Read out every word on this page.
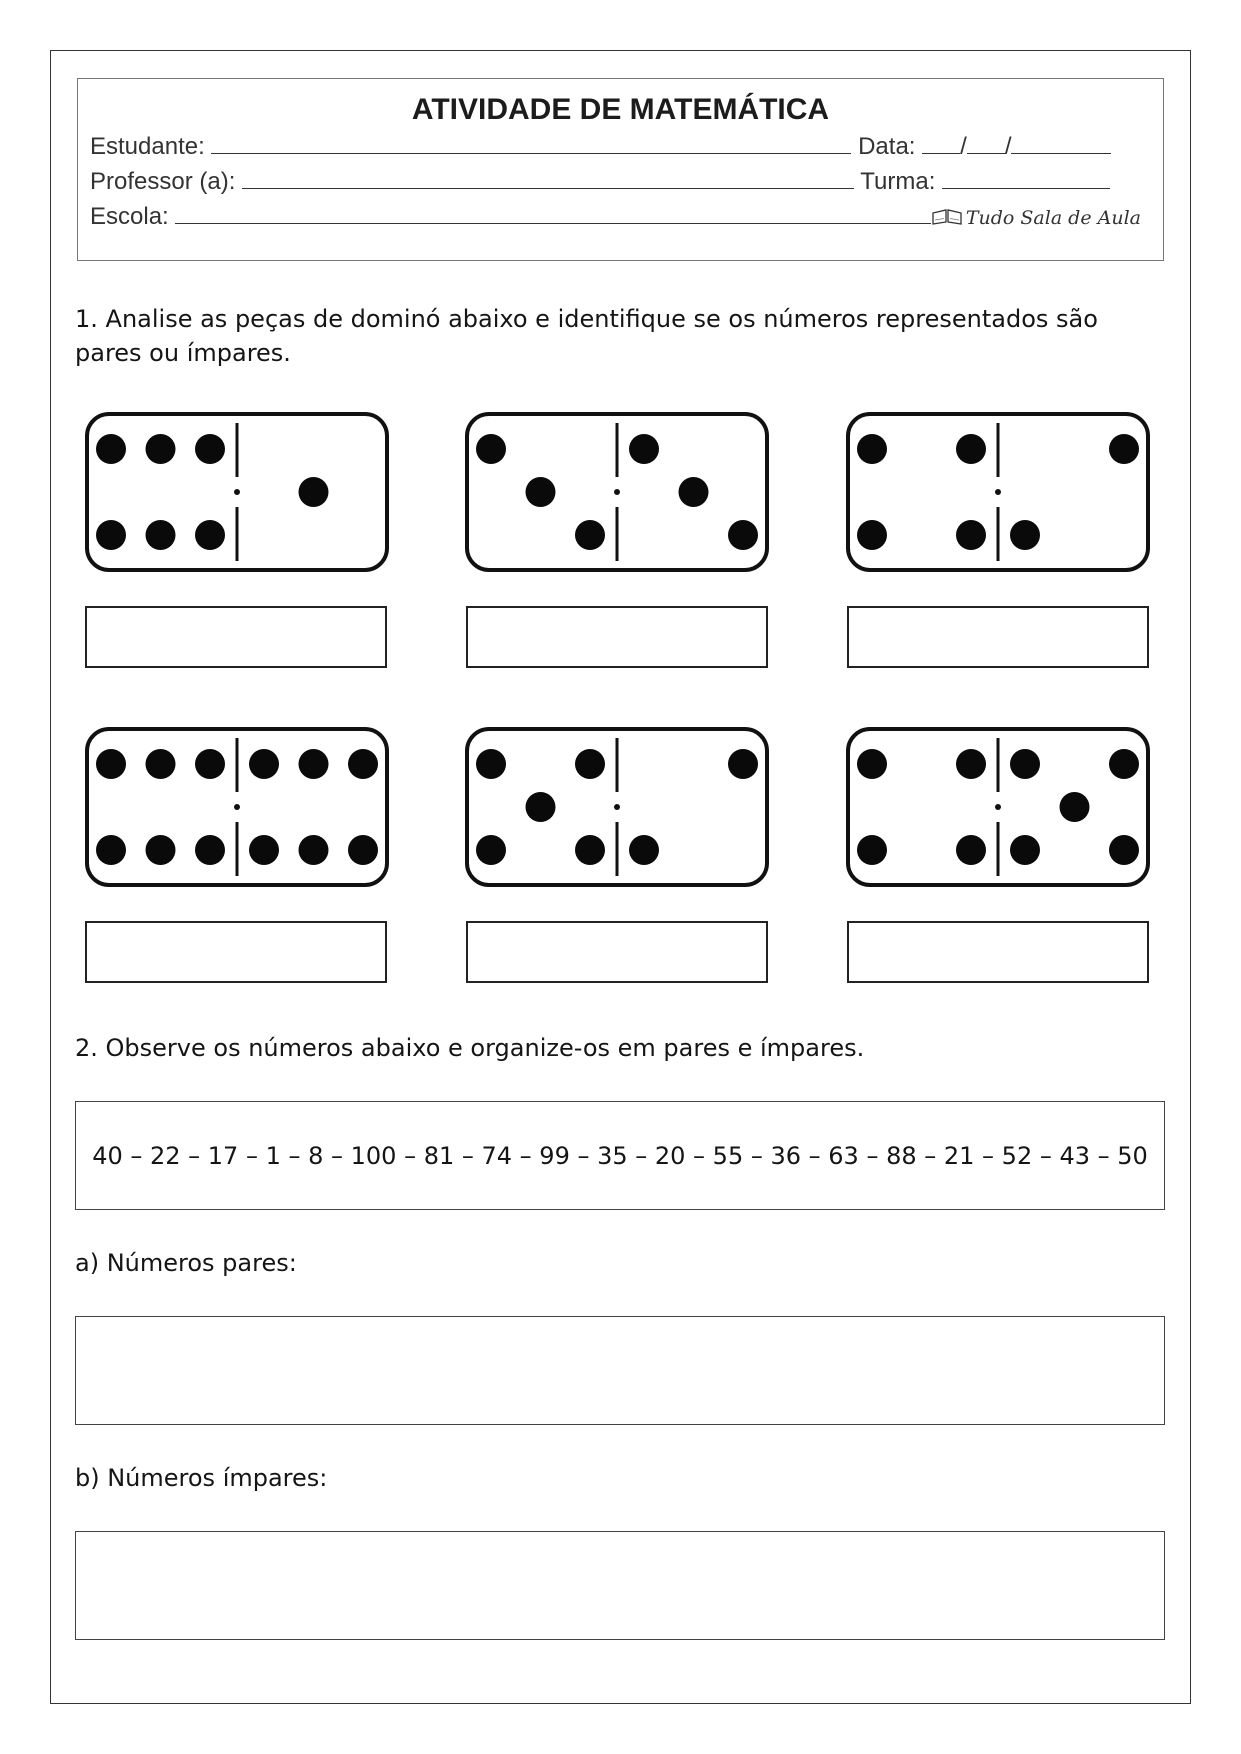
ATIVIDADE DE MATEMÁTICA
Estudante:	Data: / /
Professor (a):	Turma:
Escola:	Tudo Sala de Aula
1. Analise as peças de dominó abaixo e identifique se os números representados são pares ou ímpares.
2. Observe os números abaixo e organize-os em pares e ímpares.
40 – 22 – 17 – 1 – 8 – 100 – 81 – 74 – 99 – 35 – 20 – 55 – 36 – 63 – 88 – 21 – 52 – 43 – 50
a) Números pares:
b) Números ímpares:
